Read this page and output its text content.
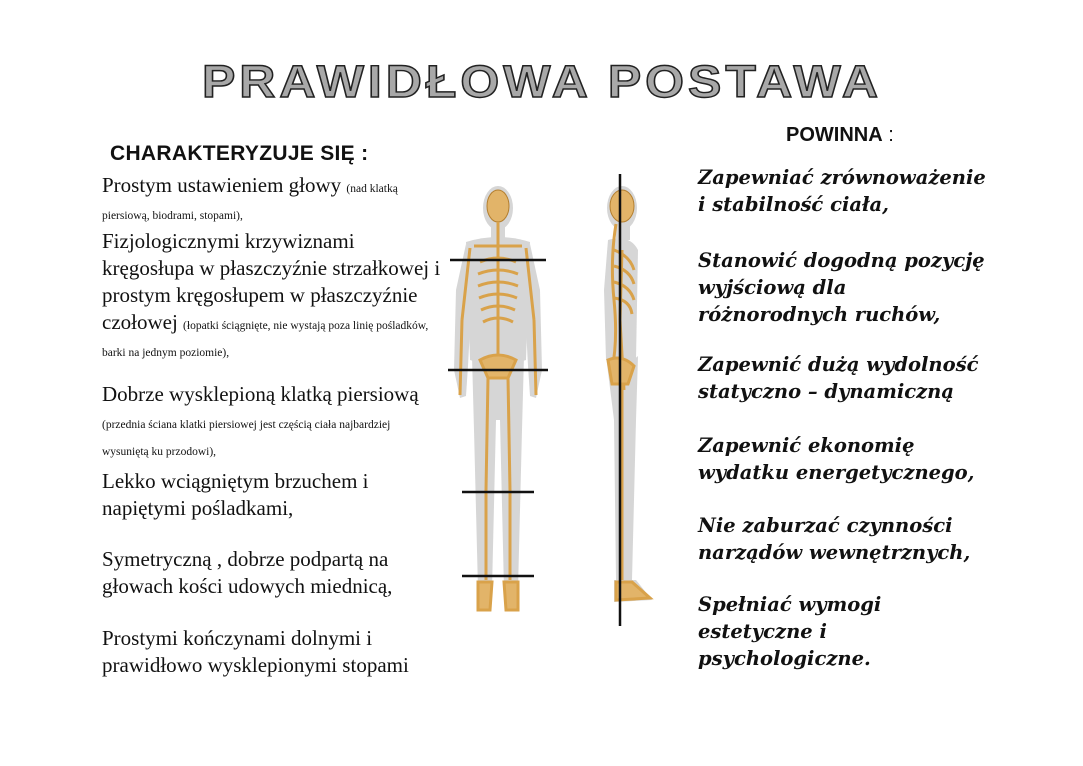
PRAWIDŁOWA POSTAWA
CHARAKTERYZUJE SIĘ :
Prostym ustawieniem głowy (nad klatką piersiową, biodrami, stopami),
Fizjologicznymi krzywiznami kręgosłupa w płaszczyźnie strzałkowej i prostym kręgosłupem w płaszczyźnie czołowej (łopatki ściągnięte, nie wystają poza linię pośladków, barki na jednym poziomie),
Dobrze wysklepioną klatką piersiową (przednia ściana klatki piersiowej jest częścią ciała najbardziej wysuniętą ku przodowi),
Lekko wciągniętym brzuchem i napiętymi pośladkami,
Symetryczną , dobrze podpartą na głowach kości udowych miednicą,
Prostymi kończynami dolnymi i prawidłowo wysklepionymi stopami
POWINNA :
Zapewniać zrównoważenie i stabilność ciała,
Stanowić dogodną pozycję wyjściową dla różnorodnych ruchów,
Zapewnić dużą wydolność statyczno – dynamiczną
Zapewnić ekonomię wydatku energetycznego,
Nie zaburzać czynności narządów wewnętrznych,
Spełniać wymogi estetyczne i psychologiczne.
